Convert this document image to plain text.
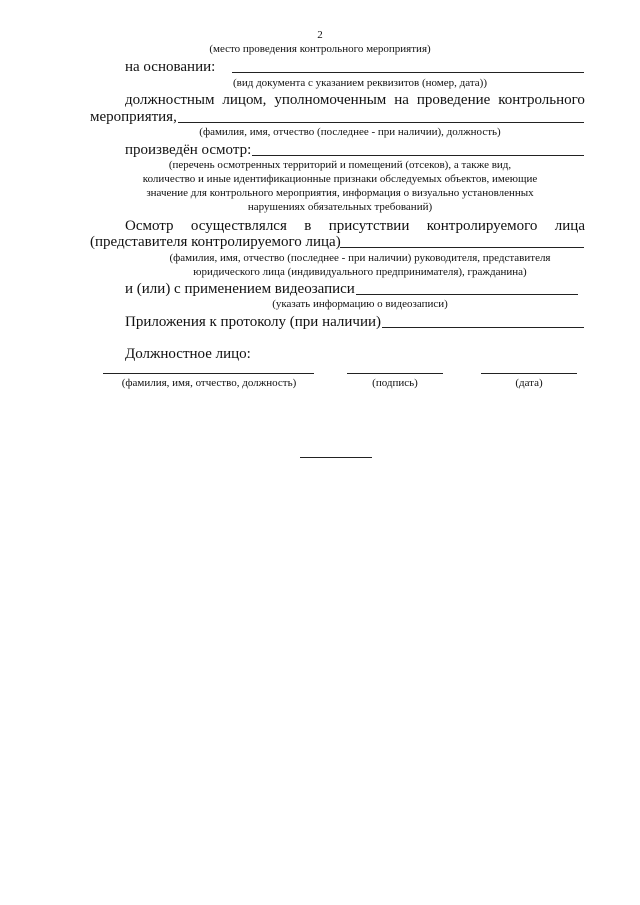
2
(место проведения контрольного мероприятия)
на основании:
(вид документа с указанием реквизитов (номер, дата))
должностным лицом, уполномоченным на проведение контрольного
мероприятия,
(фамилия, имя, отчество (последнее - при наличии), должность)
произведён осмотр:
(перечень осмотренных территорий и помещений (отсеков), а также вид,
количество и иные идентификационные признаки обследуемых объектов, имеющие
значение для контрольного мероприятия, информация о визуально установленных
нарушениях обязательных требований)
Осмотр осуществлялся в присутствии контролируемого лица
(представителя контролируемого лица)
(фамилия, имя, отчество (последнее - при наличии) руководителя, представителя
юридического лица (индивидуального предпринимателя), гражданина)
и (или) с применением видеозаписи
(указать информацию о видеозаписи)
Приложения к протоколу (при наличии)
Должностное лицо:
(фамилия, имя, отчество, должность)	(подпись)	(дата)
